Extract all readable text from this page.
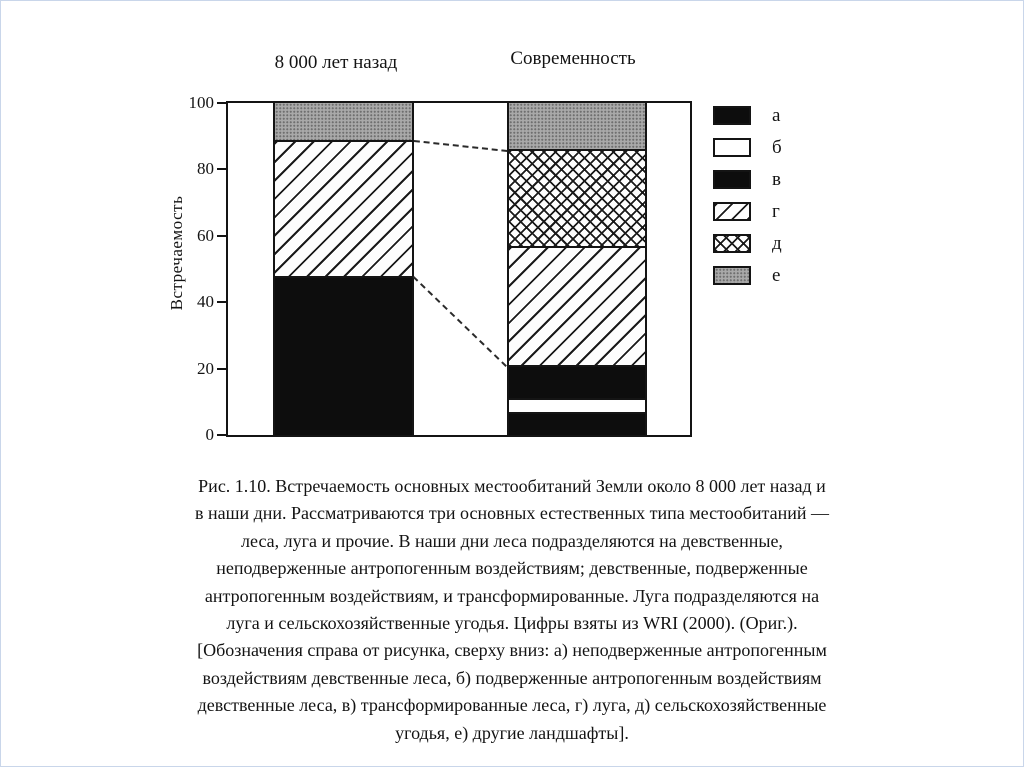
8 000 лет назад	Современность
Встречаемость
0
20
40
60
80
100
а
б
в
г
д
е
Рис. 1.10. Встречаемость основных местообитаний Земли около 8 000 лет назад и
в наши дни. Рассматриваются три основных естественных типа местообитаний —
леса, луга и прочие. В наши дни леса подразделяются на девственные,
неподверженные антропогенным воздействиям; девственные, подверженные
антропогенным воздействиям, и трансформированные. Луга подразделяются на
луга и сельскохозяйственные угодья. Цифры взяты из WRI (2000). (Ориг.).
[Обозначения справа от рисунка, сверху вниз: а) неподверженные антропогенным
воздействиям девственные леса, б) подверженные антропогенным воздействиям
девственные леса, в) трансформированные леса, г) луга, д) сельскохозяйственные
угодья, е) другие ландшафты].
